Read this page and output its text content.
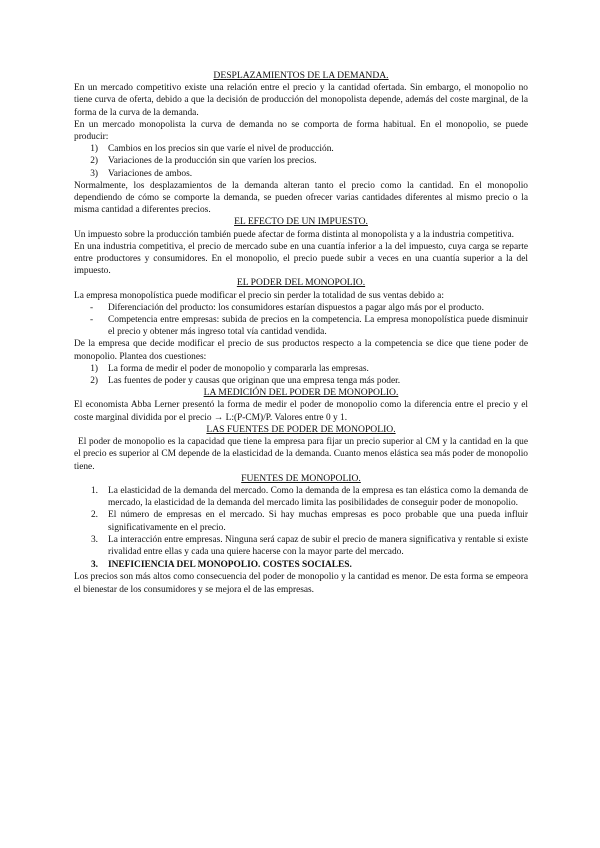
DESPLAZAMIENTOS DE LA DEMANDA.

En un mercado competitivo existe una relación entre el precio y la cantidad ofertada. Sin embargo, el monopolio no tiene curva de oferta, debido a que la decisión de producción del monopolista depende, además del coste marginal, de la forma de la curva de la demanda.

En un mercado monopolista la curva de demanda no se comporta de forma habitual. En el monopolio, se puede producir:

1)	Cambios en los precios sin que varíe el nivel de producción.
2)	Variaciones de la producción sin que varíen los precios.
3)	Variaciones de ambos.

Normalmente, los desplazamientos de la demanda alteran tanto el precio como la cantidad. En el monopolio dependiendo de cómo se comporte la demanda, se pueden ofrecer varias cantidades diferentes al mismo precio o la misma cantidad a diferentes precios.

EL EFECTO DE UN IMPUESTO.

Un impuesto sobre la producción también puede afectar de forma distinta al monopolista y a la industria competitiva.

En una industria competitiva, el precio de mercado sube en una cuantía inferior a la del impuesto, cuya carga se reparte entre productores y consumidores. En el monopolio, el precio puede subir a veces en una cuantía superior a la del impuesto.

EL PODER DEL MONOPOLIO.

La empresa monopolística puede modificar el precio sin perder la totalidad de sus ventas debido a:

-	Diferenciación del producto: los consumidores estarían dispuestos a pagar algo más por el producto.
-	Competencia entre empresas: subida de precios en la competencia. La empresa monopolística puede disminuir el precio y obtener más ingreso total vía cantidad vendida.

De la empresa que decide modificar el precio de sus productos respecto a la competencia se dice que tiene poder de monopolio. Plantea dos cuestiones:

1)	La forma de medir el poder de monopolio y compararla las empresas.
2)	Las fuentes de poder y causas que originan que una empresa tenga más poder.
LA MEDICIÓN DEL PODER DE MONOPOLIO.

El economista Abba Lerner presentó la forma de medir el poder de monopolio como la diferencia entre el precio y el coste marginal dividida por el precio → L:(P-CM)/P. Valores entre 0 y 1.

LAS FUENTES DE PODER DE MONOPOLIO.

El poder de monopolio es la capacidad que tiene la empresa para fijar un precio superior al CM y la cantidad en la que el precio es superior al CM depende de la elasticidad de la demanda. Cuanto menos elástica sea más poder de monopolio tiene.

FUENTES DE MONOPOLIO.
1.	La elasticidad de la demanda del mercado. Como la demanda de la empresa es tan elástica como la demanda de mercado, la elasticidad de la demanda del mercado limita las posibilidades de conseguir poder de monopolio.
2.	El número de empresas en el mercado. Si hay muchas empresas es poco probable que una pueda influir significativamente en el precio.
3.	La interacción entre empresas. Ninguna será capaz de subir el precio de manera significativa y rentable si existe rivalidad entre ellas y cada una quiere hacerse con la mayor parte del mercado.
3.	INEFICIENCIA DEL MONOPOLIO. COSTES SOCIALES.

Los precios son más altos como consecuencia del poder de monopolio y la cantidad es menor. De esta forma se empeora el bienestar de los consumidores y se mejora el de las empresas.
